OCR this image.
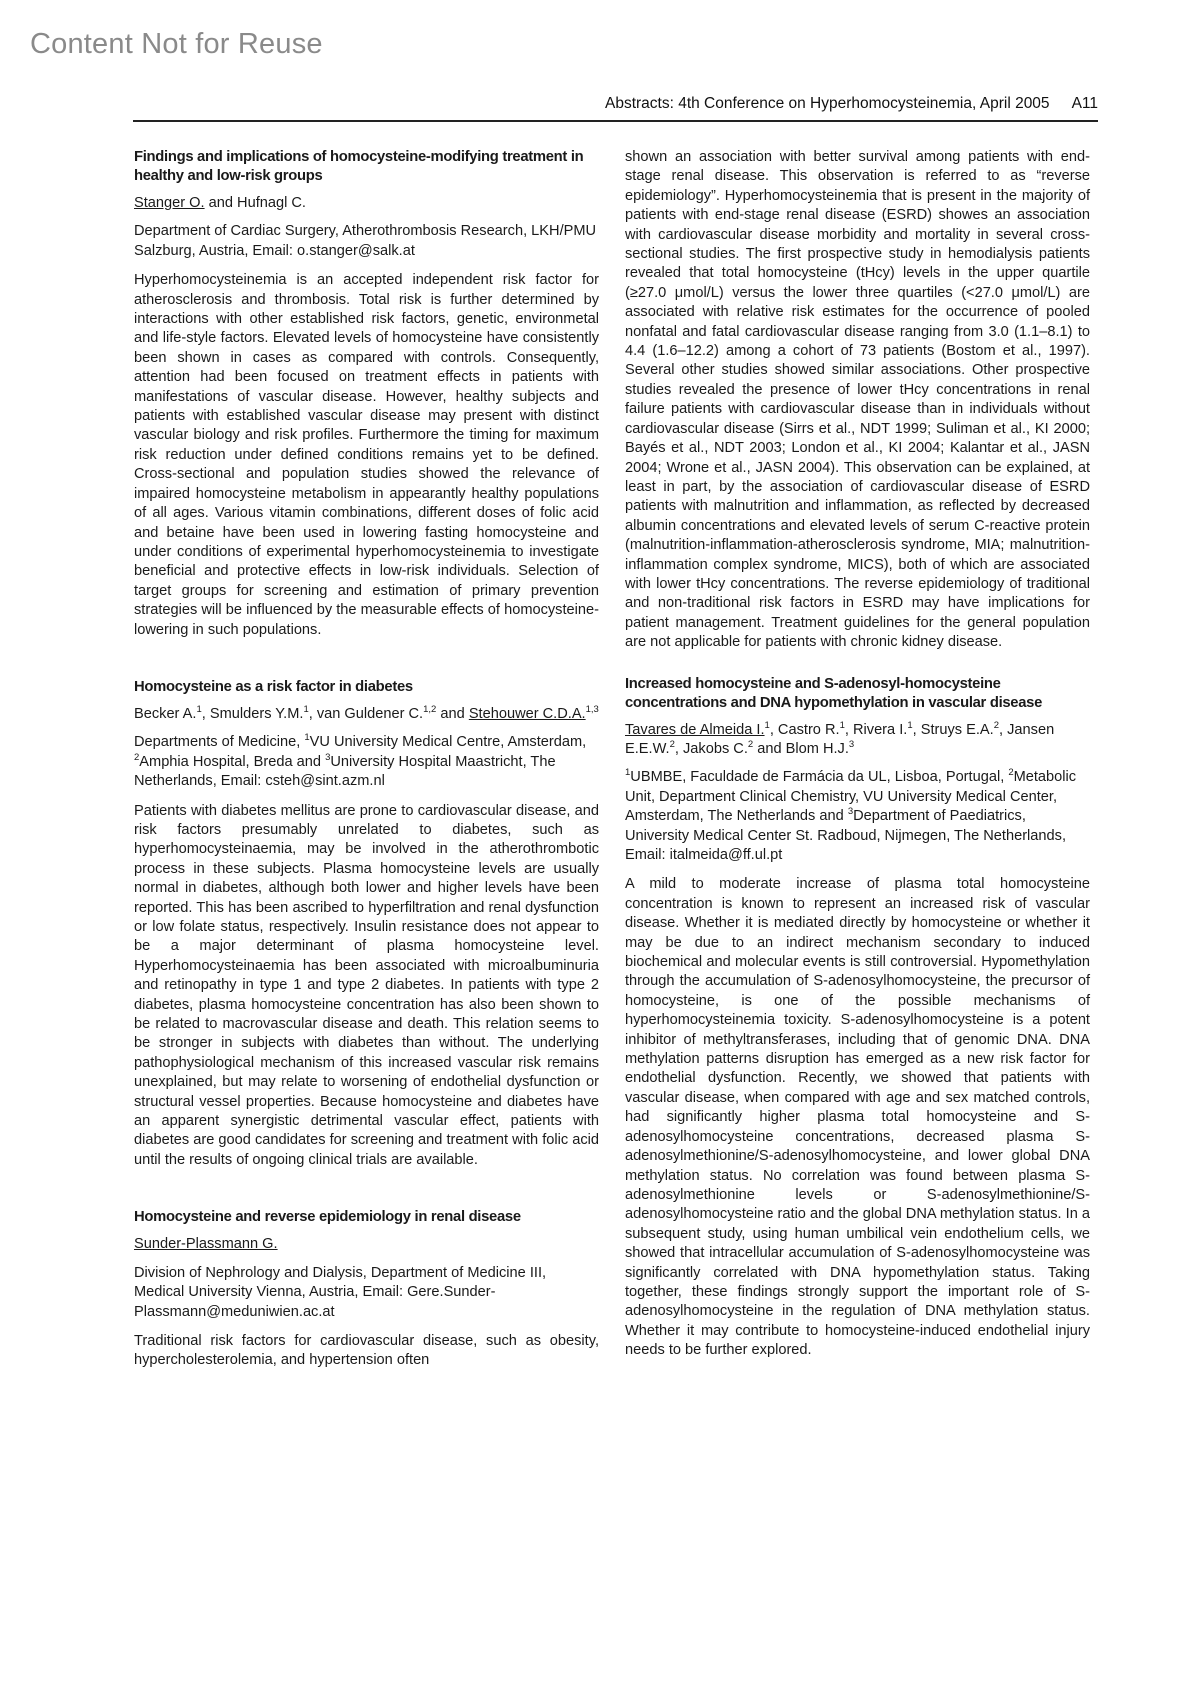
Content Not for Reuse
Abstracts: 4th Conference on Hyperhomocysteinemia, April 2005 A11
Findings and implications of homocysteine-modifying treatment in healthy and low-risk groups
Stanger O. and Hufnagl C.
Department of Cardiac Surgery, Atherothrombosis Research, LKH/PMU Salzburg, Austria, Email: o.stanger@salk.at

Hyperhomocysteinemia is an accepted independent risk factor for atherosclerosis and thrombosis. Total risk is further determined by interactions with other established risk factors, genetic, environmetal and life-style factors. Elevated levels of homocysteine have consistently been shown in cases as compared with controls. Consequently, attention had been focused on treatment effects in patients with manifestations of vascular disease. However, healthy subjects and patients with established vascular disease may present with distinct vascular biology and risk profiles. Furthermore the timing for maximum risk reduction under defined conditions remains yet to be defined. Cross-sectional and population studies showed the relevance of impaired homocysteine metabolism in appearantly healthy populations of all ages. Various vitamin combinations, different doses of folic acid and betaine have been used in lowering fasting homocysteine and under conditions of experimental hyperhomocysteinemia to investigate beneficial and protective effects in low-risk individuals. Selection of target groups for screening and estimation of primary prevention strategies will be influenced by the measurable effects of homocysteine-lowering in such populations.

Homocysteine as a risk factor in diabetes
Becker A.$^1$, Smulders Y.M.$^1$, van Guldener C.$^{1,2}$ and Stehouwer C.D.A.$^{1,3}$
Departments of Medicine, $^1$VU University Medical Centre, Amsterdam, $^2$Amphia Hospital, Breda and $^3$University Hospital Maastricht, The Netherlands, Email: csteh@sint.azm.nl

Patients with diabetes mellitus are prone to cardiovascular disease, and risk factors presumably unrelated to diabetes, such as hyperhomocysteinaemia, may be involved in the atherothrombotic process in these subjects. Plasma homocysteine levels are usually normal in diabetes, although both lower and higher levels have been reported. This has been ascribed to hyperfiltration and renal dysfunction or low folate status, respectively. Insulin resistance does not appear to be a major determinant of plasma homocysteine level. Hyperhomocysteinaemia has been associated with microalbuminuria and retinopathy in type 1 and type 2 diabetes. In patients with type 2 diabetes, plasma homocysteine concentration has also been shown to be related to macrovascular disease and death. This relation seems to be stronger in subjects with diabetes than without. The underlying pathophysiological mechanism of this increased vascular risk remains unexplained, but may relate to worsening of endothelial dysfunction or structural vessel properties. Because homocysteine and diabetes have an apparent synergistic detrimental vascular effect, patients with diabetes are good candidates for screening and treatment with folic acid until the results of ongoing clinical trials are available.

Homocysteine and reverse epidemiology in renal disease
Sunder-Plassmann G.
Division of Nephrology and Dialysis, Department of Medicine III, Medical University Vienna, Austria, Email: Gere.Sunder-Plassmann@meduniwien.ac.at

Traditional risk factors for cardiovascular disease, such as obesity, hypercholesterolemia, and hypertension often

shown an association with better survival among patients with end-stage renal disease. This observation is referred to as “reverse epidemiology”. Hyperhomocysteinemia that is present in the majority of patients with end-stage renal disease (ESRD) showes an association with cardiovascular disease morbidity and mortality in several cross-sectional studies. The first prospective study in hemodialysis patients revealed that total homocysteine (tHcy) levels in the upper quartile (≥27.0 μmol/L) versus the lower three quartiles (<27.0 μmol/L) are associated with relative risk estimates for the occurrence of pooled nonfatal and fatal cardiovascular disease ranging from 3.0 (1.1–8.1) to 4.4 (1.6–12.2) among a cohort of 73 patients (Bostom et al., 1997). Several other studies showed similar associations. Other prospective studies revealed the presence of lower tHcy concentrations in renal failure patients with cardiovascular disease than in individuals without cardiovascular disease (Sirrs et al., NDT 1999; Suliman et al., KI 2000; Bayés et al., NDT 2003; London et al., KI 2004; Kalantar et al., JASN 2004; Wrone et al., JASN 2004). This observation can be explained, at least in part, by the association of cardiovascular disease of ESRD patients with malnutrition and inflammation, as reflected by decreased albumin concentrations and elevated levels of serum C-reactive protein (malnutrition-inflammation-atherosclerosis syndrome, MIA; malnutrition-inflammation complex syndrome, MICS), both of which are associated with lower tHcy concentrations. The reverse epidemiology of traditional and non-traditional risk factors in ESRD may have implications for patient management. Treatment guidelines for the general population are not applicable for patients with chronic kidney disease.

Increased homocysteine and S-adenosyl-homocysteine concentrations and DNA hypomethylation in vascular disease
Tavares de Almeida I.$^1$, Castro R.$^1$, Rivera I.$^1$, Struys E.A.$^2$, Jansen E.E.W.$^2$, Jakobs C.$^2$ and Blom H.J.$^3$
$^1$UBMBE, Faculdade de Farmácia da UL, Lisboa, Portugal, $^2$Metabolic Unit, Department Clinical Chemistry, VU University Medical Center, Amsterdam, The Netherlands and $^3$Department of Paediatrics, University Medical Center St. Radboud, Nijmegen, The Netherlands, Email: italmeida@ff.ul.pt

A mild to moderate increase of plasma total homocysteine concentration is known to represent an increased risk of vascular disease. Whether it is mediated directly by homocysteine or whether it may be due to an indirect mechanism secondary to induced biochemical and molecular events is still controversial. Hypomethylation through the accumulation of S-adenosylhomocysteine, the precursor of homocysteine, is one of the possible mechanisms of hyperhomocysteinemia toxicity. S-adenosylhomocysteine is a potent inhibitor of methyltransferases, including that of genomic DNA. DNA methylation patterns disruption has emerged as a new risk factor for endothelial dysfunction. Recently, we showed that patients with vascular disease, when compared with age and sex matched controls, had significantly higher plasma total homocysteine and S-adenosylhomocysteine concentrations, decreased plasma S-adenosylmethionine/S-adenosylhomocysteine, and lower global DNA methylation status. No correlation was found between plasma S-adenosylmethionine levels or S-adenosylmethionine/S-adenosylhomocysteine ratio and the global DNA methylation status. In a subsequent study, using human umbilical vein endothelium cells, we showed that intracellular accumulation of S-adenosylhomocysteine was significantly correlated with DNA hypomethylation status. Taking together, these findings strongly support the important role of S-adenosylhomocysteine in the regulation of DNA methylation status. Whether it may contribute to homocysteine-induced endothelial injury needs to be further explored.
